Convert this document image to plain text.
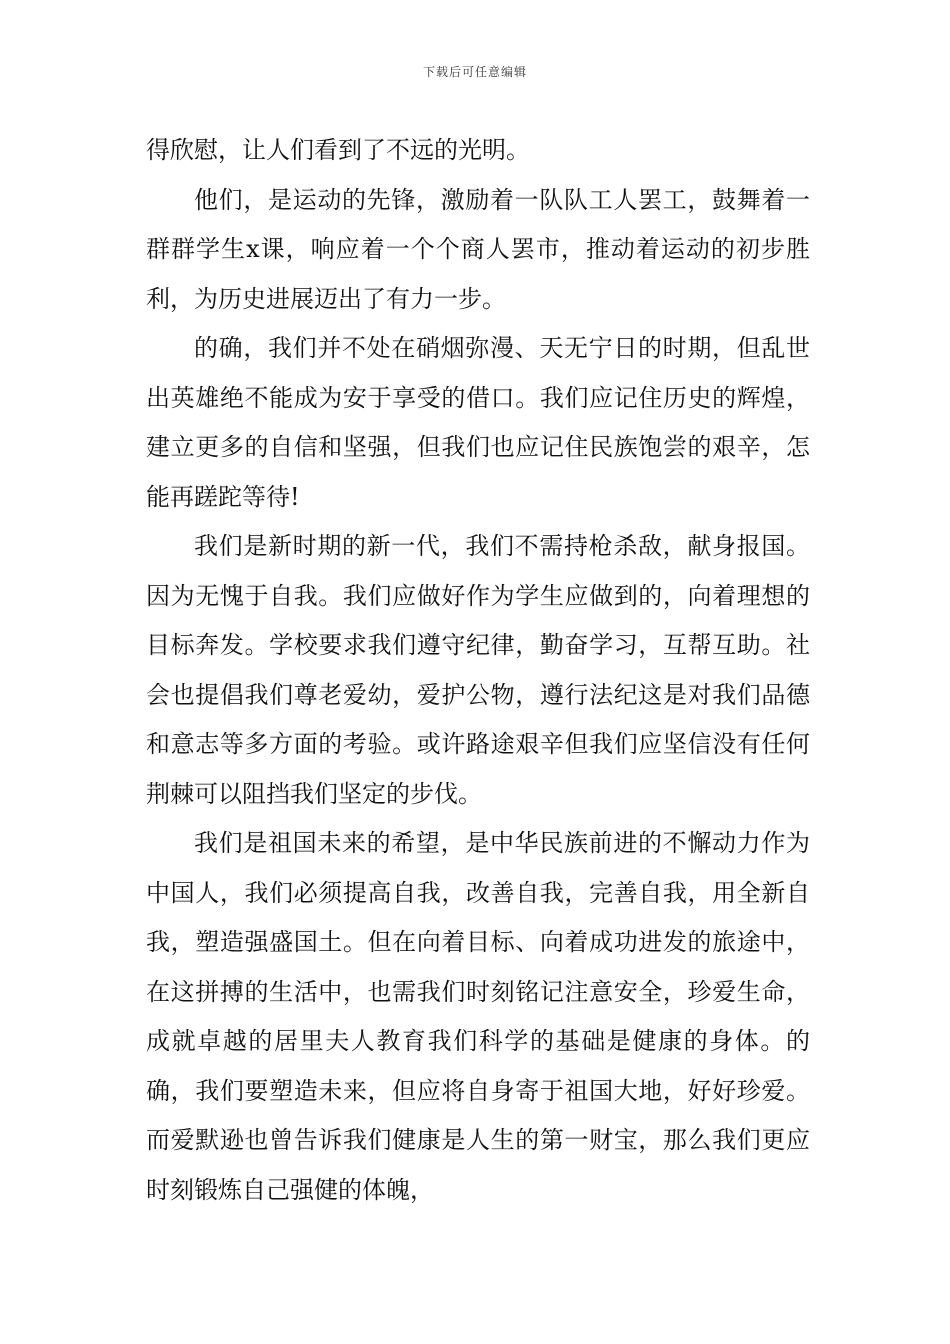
下载后可任意编辑

得欣慰，让人们看到了不远的光明。

他们，是运动的先锋，激励着一队队工人罢工，鼓舞着一群群学生x课，响应着一个个商人罢市，推动着运动的初步胜利，为历史进展迈出了有力一步。

的确，我们并不处在硝烟弥漫、天无宁日的时期，但乱世出英雄绝不能成为安于享受的借口。我们应记住历史的辉煌，建立更多的自信和坚强，但我们也应记住民族饱尝的艰辛，怎能再蹉跎等待!

我们是新时期的新一代，我们不需持枪杀敌，献身报国。因为无愧于自我。我们应做好作为学生应做到的，向着理想的目标奔发。学校要求我们遵守纪律，勤奋学习，互帮互助。社会也提倡我们尊老爱幼，爱护公物，遵行法纪这是对我们品德和意志等多方面的考验。或许路途艰辛但我们应坚信没有任何荆棘可以阻挡我们坚定的步伐。

我们是祖国未来的希望，是中华民族前进的不懈动力作为中国人，我们必须提高自我，改善自我，完善自我，用全新自我，塑造强盛国土。但在向着目标、向着成功进发的旅途中，在这拼搏的生活中，也需我们时刻铭记注意安全，珍爱生命，成就卓越的居里夫人教育我们科学的基础是健康的身体。的确，我们要塑造未来，但应将自身寄于祖国大地，好好珍爱。而爱默逊也曾告诉我们健康是人生的第一财宝，那么我们更应时刻锻炼自己强健的体魄，
